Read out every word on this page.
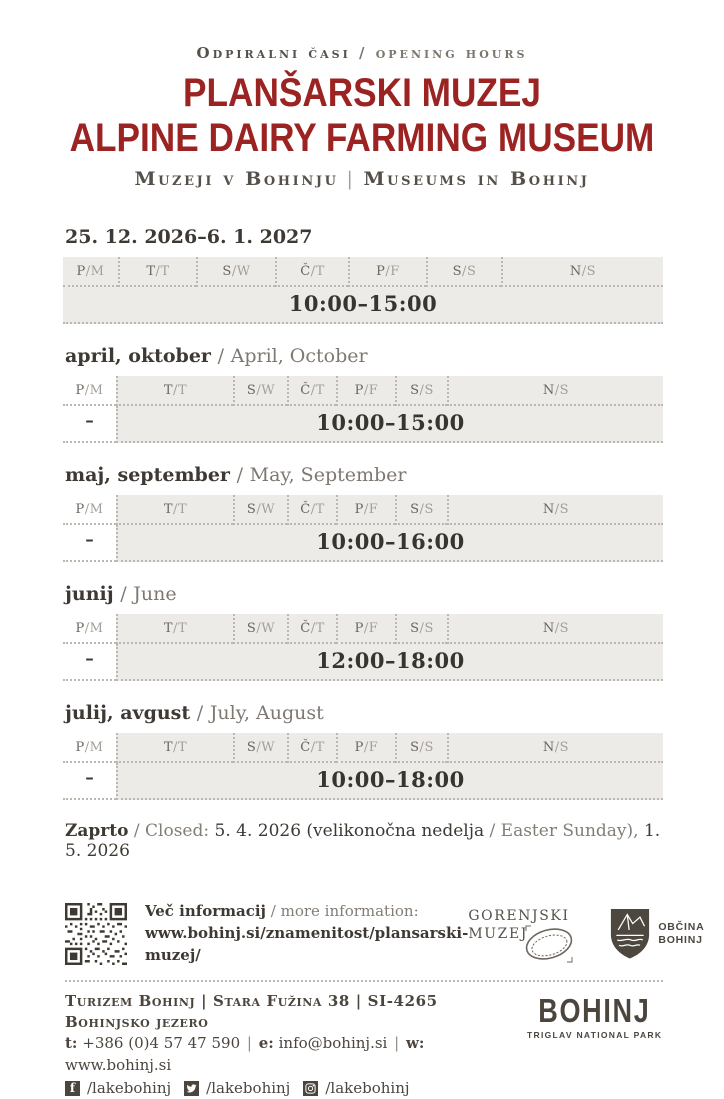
Odpiralni časi / opening hours
PLANŠARSKI MUZEJ
ALPINE DAIRY FARMING MUSEUM
Muzeji v Bohinju | Museums in Bohinj
25. 12. 2026–6. 1. 2027
P/M	T/T	S/W	Č/T	P/F	S/S	N/S
10:00–15:00
april, oktober / April, October
P/M	T/T	S/W	Č/T	P/F	S/S	N/S
–	10:00–15:00
maj, september / May, September
P/M	T/T	S/W	Č/T	P/F	S/S	N/S
–	10:00–16:00
junij / June
P/M	T/T	S/W	Č/T	P/F	S/S	N/S
–	12:00–18:00
julij, avgust / July, August
P/M	T/T	S/W	Č/T	P/F	S/S	N/S
–	10:00–18:00

Zaprto / Closed: 5. 4. 2026 (velikonočna nedelja / Easter Sunday), 1. 5. 2026

Več informacij / more information:
www.bohinj.si/znamenitost/plansarski-muzej/
GORENJSKI
MUZEJ	OBČINA
BOHINJ
Turizem Bohinj | Stara Fužina 38 | SI-4265 Bohinjsko jezero
t: +386 (0)4 57 47 590 | e: info@bohinj.si | w: www.bohinj.si
f
/lakebohinj /lakebohinj /lakebohinj
BOHINJ
TRIGLAV NATIONAL PARK
